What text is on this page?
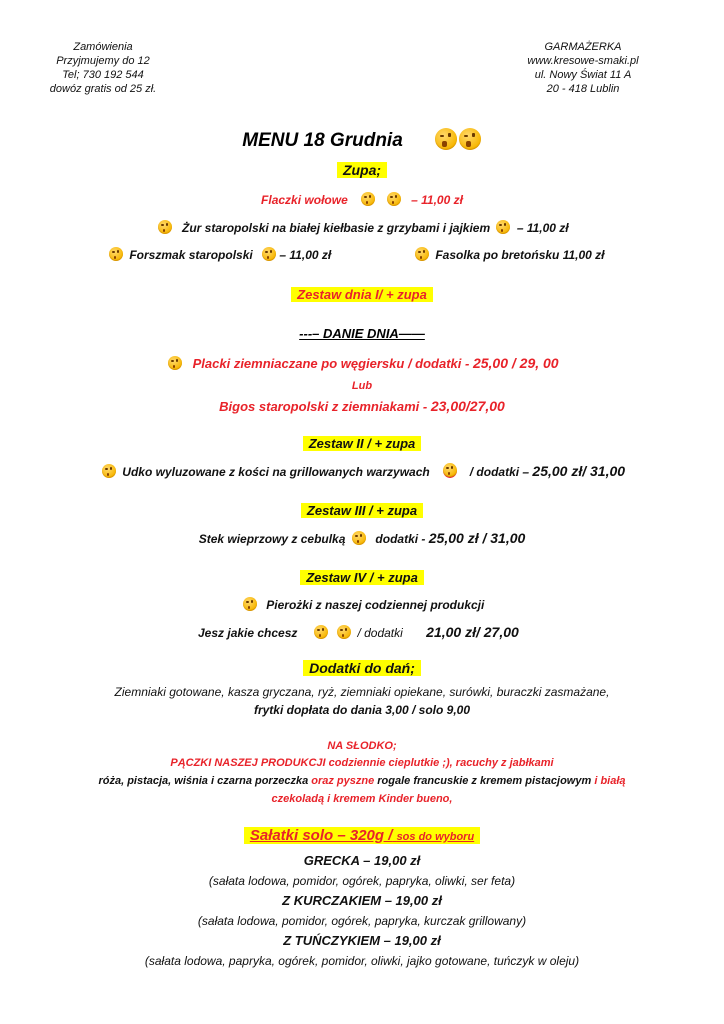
Zamówienia
Przyjmujemy do 12
Tel; 730 192 544
dowóz gratis od 25 zł.
GARMAŻERKA
www.kresowe-smaki.pl
ul. Nowy Świat 11 A
20 - 418 Lublin
MENU 18 Grudnia
Zupa;
Flaczki wołowe	– 11,00 zł
Żur staropolski na białej kiełbasie z grzybami i jajkiem – 11,00 zł
Forszmak staropolski – 11,00 zł	Fasolka po bretońsku 11,00 zł
Zestaw dnia I/ + zupa
---– DANIE DNIA——
Placki ziemniaczane po węgiersku / dodatki - 25,00 / 29, 00
Lub
Bigos staropolski z ziemniakami - 23,00/27,00
Zestaw II / + zupa
Udko wyluzowane z kości na grillowanych warzywach	/ dodatki – 25,00 zł/ 31,00
Zestaw III / + zupa
Stek wieprzowy z cebulką	dodatki - 25,00 zł / 31,00
Zestaw IV / + zupa
Pierożki z naszej codziennej produkcji
Jesz jakie chcesz	/ dodatki 21,00 zł/ 27,00
Dodatki do dań;
Ziemniaki gotowane, kasza gryczana, ryż, ziemniaki opiekane, surówki, buraczki zasmażane,
frytki dopłata do dania 3,00 / solo 9,00
NA SŁODKO;
PĄCZKI NASZEJ PRODUKCJI codziennie cieplutkie ;), racuchy z jabłkami
róża, pistacja, wiśnia i czarna porzeczka oraz pyszne rogale francuskie z kremem pistacjowym i białą
czekoladą i kremem Kinder bueno,
Sałatki solo – 320g / sos do wyboru
GRECKA – 19,00 zł
(sałata lodowa, pomidor, ogórek, papryka, oliwki, ser feta)
Z KURCZAKIEM – 19,00 zł
(sałata lodowa, pomidor, ogórek, papryka, kurczak grillowany)
Z TUŃCZYKIEM – 19,00 zł
(sałata lodowa, papryka, ogórek, pomidor, oliwki, jajko gotowane, tuńczyk w oleju)
